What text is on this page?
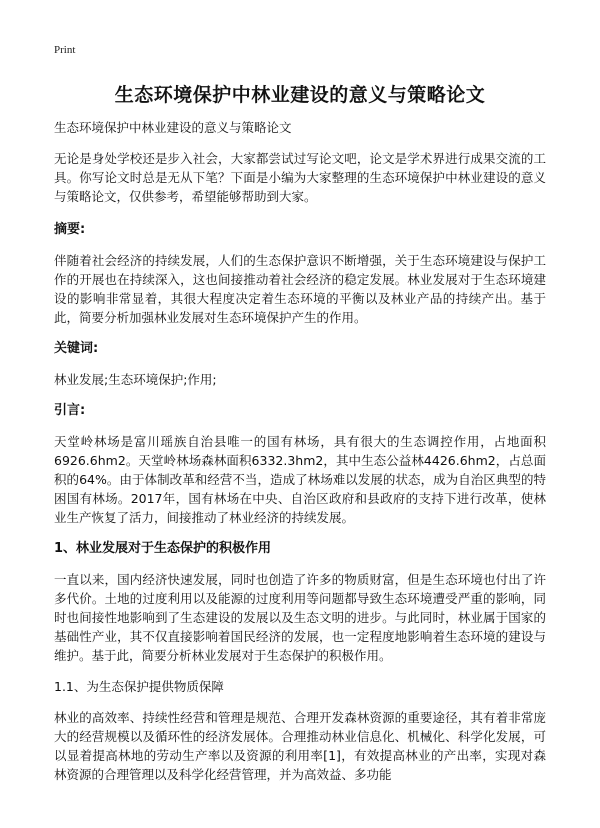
Print
生态环境保护中林业建设的意义与策略论文

生态环境保护中林业建设的意义与策略论文

无论是身处学校还是步入社会，大家都尝试过写论文吧，论文是学术界进行成果交流的工具。你写论文时总是无从下笔？下面是小编为大家整理的生态环境保护中林业建设的意义与策略论文，仅供参考，希望能够帮助到大家。

摘要:

伴随着社会经济的持续发展，人们的生态保护意识不断增强，关于生态环境建设与保护工作的开展也在持续深入，这也间接推动着社会经济的稳定发展。林业发展对于生态环境建设的影响非常显着，其很大程度决定着生态环境的平衡以及林业产品的持续产出。基于此，简要分析加强林业发展对生态环境保护产生的作用。

关键词:

林业发展;生态环境保护;作用;

引言:

天堂岭林场是富川瑶族自治县唯一的国有林场，具有很大的生态调控作用，占地面积6926.6hm2。天堂岭林场森林面积6332.3hm2，其中生态公益林4426.6hm2，占总面积的64%。由于体制改革和经营不当，造成了林场难以发展的状态，成为自治区典型的特困国有林场。2017年，国有林场在中央、自治区政府和县政府的支持下进行改革，使林业生产恢复了活力，间接推动了林业经济的持续发展。

1、林业发展对于生态保护的积极作用

一直以来，国内经济快速发展，同时也创造了许多的物质财富，但是生态环境也付出了许多代价。土地的过度利用以及能源的过度利用等问题都导致生态环境遭受严重的影响，同时也间接性地影响到了生态建设的发展以及生态文明的进步。与此同时，林业属于国家的基础性产业，其不仅直接影响着国民经济的发展，也一定程度地影响着生态环境的建设与维护。基于此，简要分析林业发展对于生态保护的积极作用。

1.1、为生态保护提供物质保障

林业的高效率、持续性经营和管理是规范、合理开发森林资源的重要途径，其有着非常庞大的经营规模以及循环性的经济发展体。合理推动林业信息化、机械化、科学化发展，可以显着提高林地的劳动生产率以及资源的利用率[1]，有效提高林业的产出率，实现对森林资源的合理管理以及科学化经营管理，并为高效益、多功能
